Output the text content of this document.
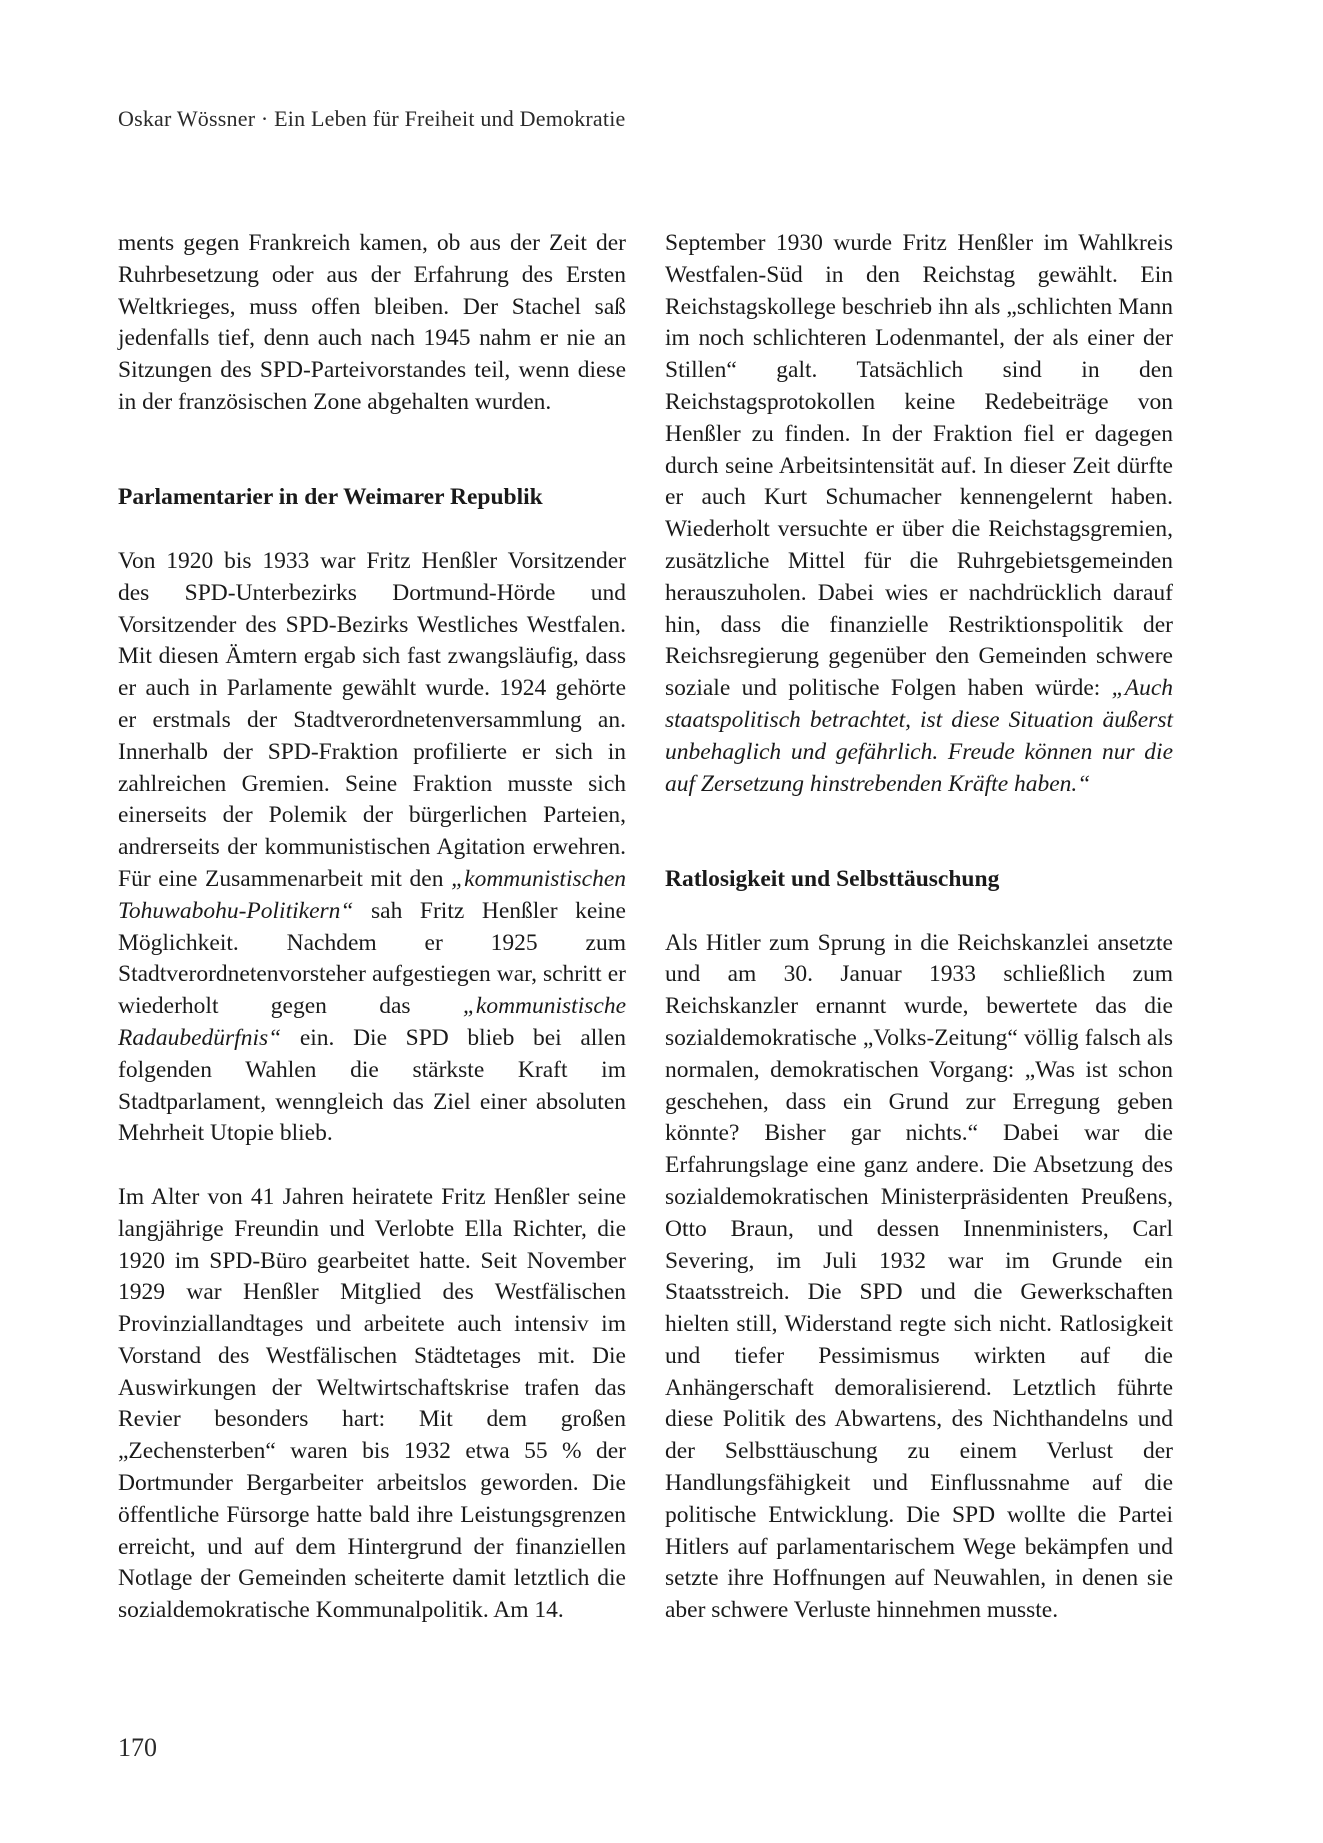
Oskar Wössner · Ein Leben für Freiheit und Demokratie

ments gegen Frankreich kamen, ob aus der Zeit der Ruhrbesetzung oder aus der Erfahrung des Ersten Weltkrieges, muss offen bleiben. Der Stachel saß jedenfalls tief, denn auch nach 1945 nahm er nie an Sitzungen des SPD-Parteivorstandes teil, wenn diese in der französischen Zone abgehalten wurden.

Parlamentarier in der Weimarer Republik

Von 1920 bis 1933 war Fritz Henßler Vorsitzender des SPD-Unterbezirks Dortmund-Hörde und Vorsitzender des SPD-Bezirks Westliches Westfalen. Mit diesen Ämtern ergab sich fast zwangsläufig, dass er auch in Parlamente gewählt wurde. 1924 gehörte er erstmals der Stadtverordnetenversammlung an. Innerhalb der SPD-Fraktion profilierte er sich in zahlreichen Gremien. Seine Fraktion musste sich einerseits der Polemik der bürgerlichen Parteien, andrerseits der kommunistischen Agitation erwehren. Für eine Zusammenarbeit mit den „kommunistischen Tohuwabohu-Politikern“ sah Fritz Henßler keine Möglichkeit. Nachdem er 1925 zum Stadtverordnetenvorsteher aufgestiegen war, schritt er wiederholt gegen das „kommunistische Radaubedürfnis“ ein. Die SPD blieb bei allen folgenden Wahlen die stärkste Kraft im Stadtparlament, wenngleich das Ziel einer absoluten Mehrheit Utopie blieb.

Im Alter von 41 Jahren heiratete Fritz Henßler seine langjährige Freundin und Verlobte Ella Richter, die 1920 im SPD-Büro gearbeitet hatte. Seit November 1929 war Henßler Mitglied des Westfälischen Provinziallandtages und arbeitete auch intensiv im Vorstand des Westfälischen Städtetages mit. Die Auswirkungen der Weltwirtschaftskrise trafen das Revier besonders hart: Mit dem großen „Zechensterben“ waren bis 1932 etwa 55 % der Dortmunder Bergarbeiter arbeitslos geworden. Die öffentliche Fürsorge hatte bald ihre Leistungsgrenzen erreicht, und auf dem Hintergrund der finanziellen Notlage der Gemeinden scheiterte damit letztlich die sozialdemokratische Kommunalpolitik. Am 14.

September 1930 wurde Fritz Henßler im Wahlkreis Westfalen-Süd in den Reichstag gewählt. Ein Reichstagskollege beschrieb ihn als „schlichten Mann im noch schlichteren Lodenmantel, der als einer der Stillen“ galt. Tatsächlich sind in den Reichstagsprotokollen keine Redebeiträge von Henßler zu finden. In der Fraktion fiel er dagegen durch seine Arbeitsintensität auf. In dieser Zeit dürfte er auch Kurt Schumacher kennengelernt haben. Wiederholt versuchte er über die Reichstagsgremien, zusätzliche Mittel für die Ruhrgebietsgemeinden herauszuholen. Dabei wies er nachdrücklich darauf hin, dass die finanzielle Restriktionspolitik der Reichsregierung gegenüber den Gemeinden schwere soziale und politische Folgen haben würde: „Auch staatspolitisch betrachtet, ist diese Situation äußerst unbehaglich und gefährlich. Freude können nur die auf Zersetzung hinstrebenden Kräfte haben.“

Ratlosigkeit und Selbsttäuschung

Als Hitler zum Sprung in die Reichskanzlei ansetzte und am 30. Januar 1933 schließlich zum Reichskanzler ernannt wurde, bewertete das die sozialdemokratische „Volks-Zeitung“ völlig falsch als normalen, demokratischen Vorgang: „Was ist schon geschehen, dass ein Grund zur Erregung geben könnte? Bisher gar nichts.“ Dabei war die Erfahrungslage eine ganz andere. Die Absetzung des sozialdemokratischen Ministerpräsidenten Preußens, Otto Braun, und dessen Innenministers, Carl Severing, im Juli 1932 war im Grunde ein Staatsstreich. Die SPD und die Gewerkschaften hielten still, Widerstand regte sich nicht. Ratlosigkeit und tiefer Pessimismus wirkten auf die Anhängerschaft demoralisierend. Letztlich führte diese Politik des Abwartens, des Nichthandelns und der Selbsttäuschung zu einem Verlust der Handlungsfähigkeit und Einflussnahme auf die politische Entwicklung. Die SPD wollte die Partei Hitlers auf parlamentarischem Wege bekämpfen und setzte ihre Hoffnungen auf Neuwahlen, in denen sie aber schwere Verluste hinnehmen musste.

170
